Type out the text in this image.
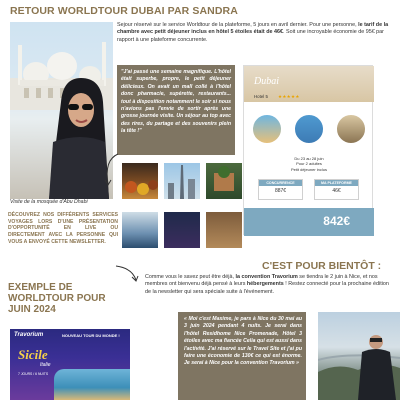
RETOUR WORLDTOUR DUBAI PAR SANDRA
Visite de la mosquée d'Abu Dhabi
Sejour réservé sur le service Worldtour de la plateforme, 5 jours en avril dernier. Pour une personne, le tarif de la chambre avec petit déjeuner inclus en hôtel 5 étoiles était de 46€. Soit une incroyable économie de 95€ par rapport à une plateforme concurrente.
"J'ai passé une semaine magnifique. L'hôtel était superbe, propre, le petit déjeuner délicieux. On avait un mall collé à l'hôtel donc pharmacie, supérette, restaurants... tout à disposition notamment le soir si nous n'avions pas l'envie de sortir après une grosse journée visite. Un séjour au top avec des rires, du partage et des souvenirs plein la tête !"
Dubai
Hotel 5 ★★★★★
Du 23 au 28 juin
Pour 2 adultes
Petit déjeuner inclus
CONCURRENCE
887€
MA PLATEFORME
46€
842€
DÉCOUVREZ NOS DIFFÉRENTS SERVICES VOYAGES LORS D'UNE PRÉSENTATION D'OPPORTUNITÉ EN LIVE OU DIRECTEMENT AVEC LA PERSONNE QUI VOUS A ENVOYÉ CETTE NEWSLETTER.
C'EST POUR BIENTÔT :
Comme vous le savez peut être déjà, la convention Travorium se tiendra le 2 juin à Nice, et nos membres ont bienvenu déjà pensé à leurs hébergements ! Restez connecté pour la prochaine édition de la newsletter qui sera spéciale suite à l'événement.
EXEMPLE DE WORLDTOUR POUR JUIN 2024
Travorium	NOUVEAU TOUR DU MONDE !
Sicile
Italie
7 JOURS / 6 NUITS
« Moi c'est Maxime, je pars à Nice du 30 mai au 3 juin 2024 pendant 4 nuits. Je serai dans l'hôtel Residhome Nice Promenade, Hôtel 3 étoiles avec ma fiancée Celia qui est aussi dans l'activité. J'ai réservé sur le Travel Site et j'ai pu faire une économie de 130€ ce qui est énorme. Je serai à Nice pour la convention Travorium »
